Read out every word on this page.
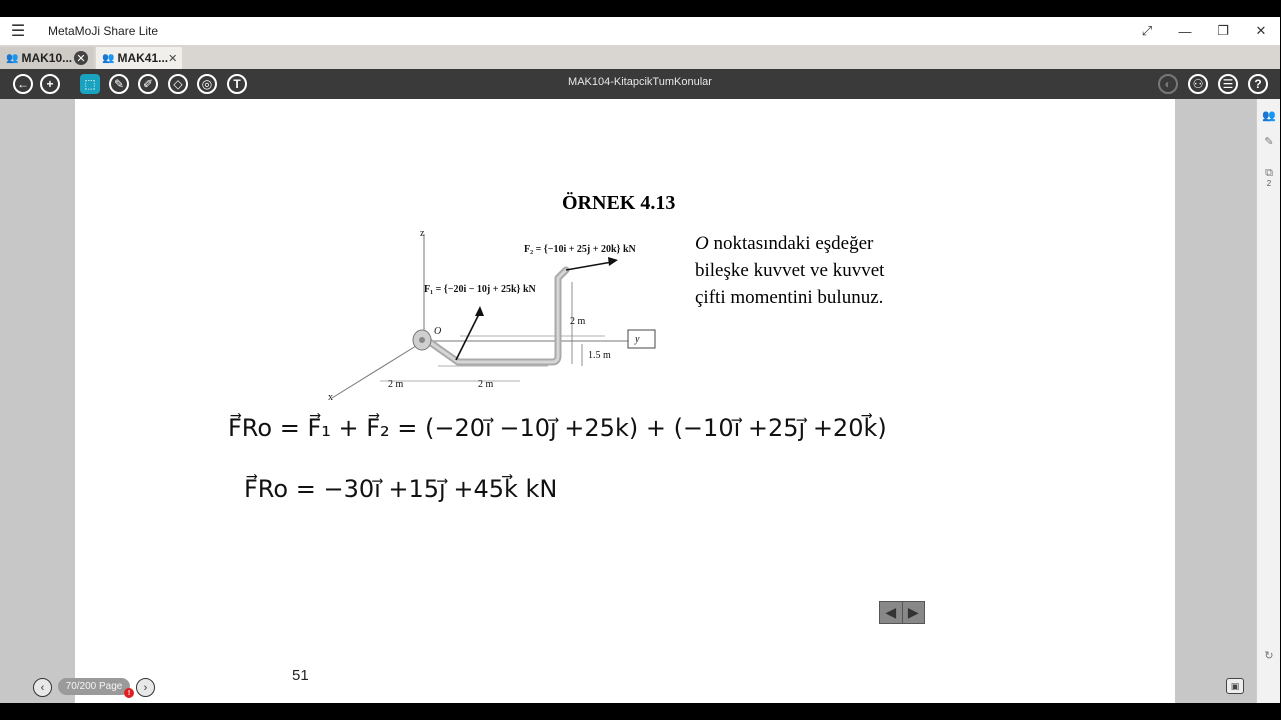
☰	MetaMoJi Share Lite	⤢	—	❐	✕
👥 MAK10... ✕ 👥 MAK41... ✕
←	+	⬚	✎	✐	◇	◎	T	MAK104-KitapcikTumKonular	◐	⚇	☰	?
👥
✎
⧉
2
↻
ÖRNEK 4.13
O noktasındaki eşdeğer
bileşke kuvvet ve kuvvet
çifti momentini bulunuz.
z
x
y
O
F₂ = {−10i + 25j + 20k} kN
F₁ = {−20i − 10j + 25k} kN
2 m
1.5 m
2 m	2 m
F⃗Ro = F⃗₁ + F⃗₂ = (−20i⃗ −10j⃗ +25k) + (−10i⃗ +25j⃗ +20k⃗)
F⃗Ro = −30i⃗ +15j⃗ +45k⃗ kN
◀ ▶
51
‹	70/200 Page
!	›	▣
